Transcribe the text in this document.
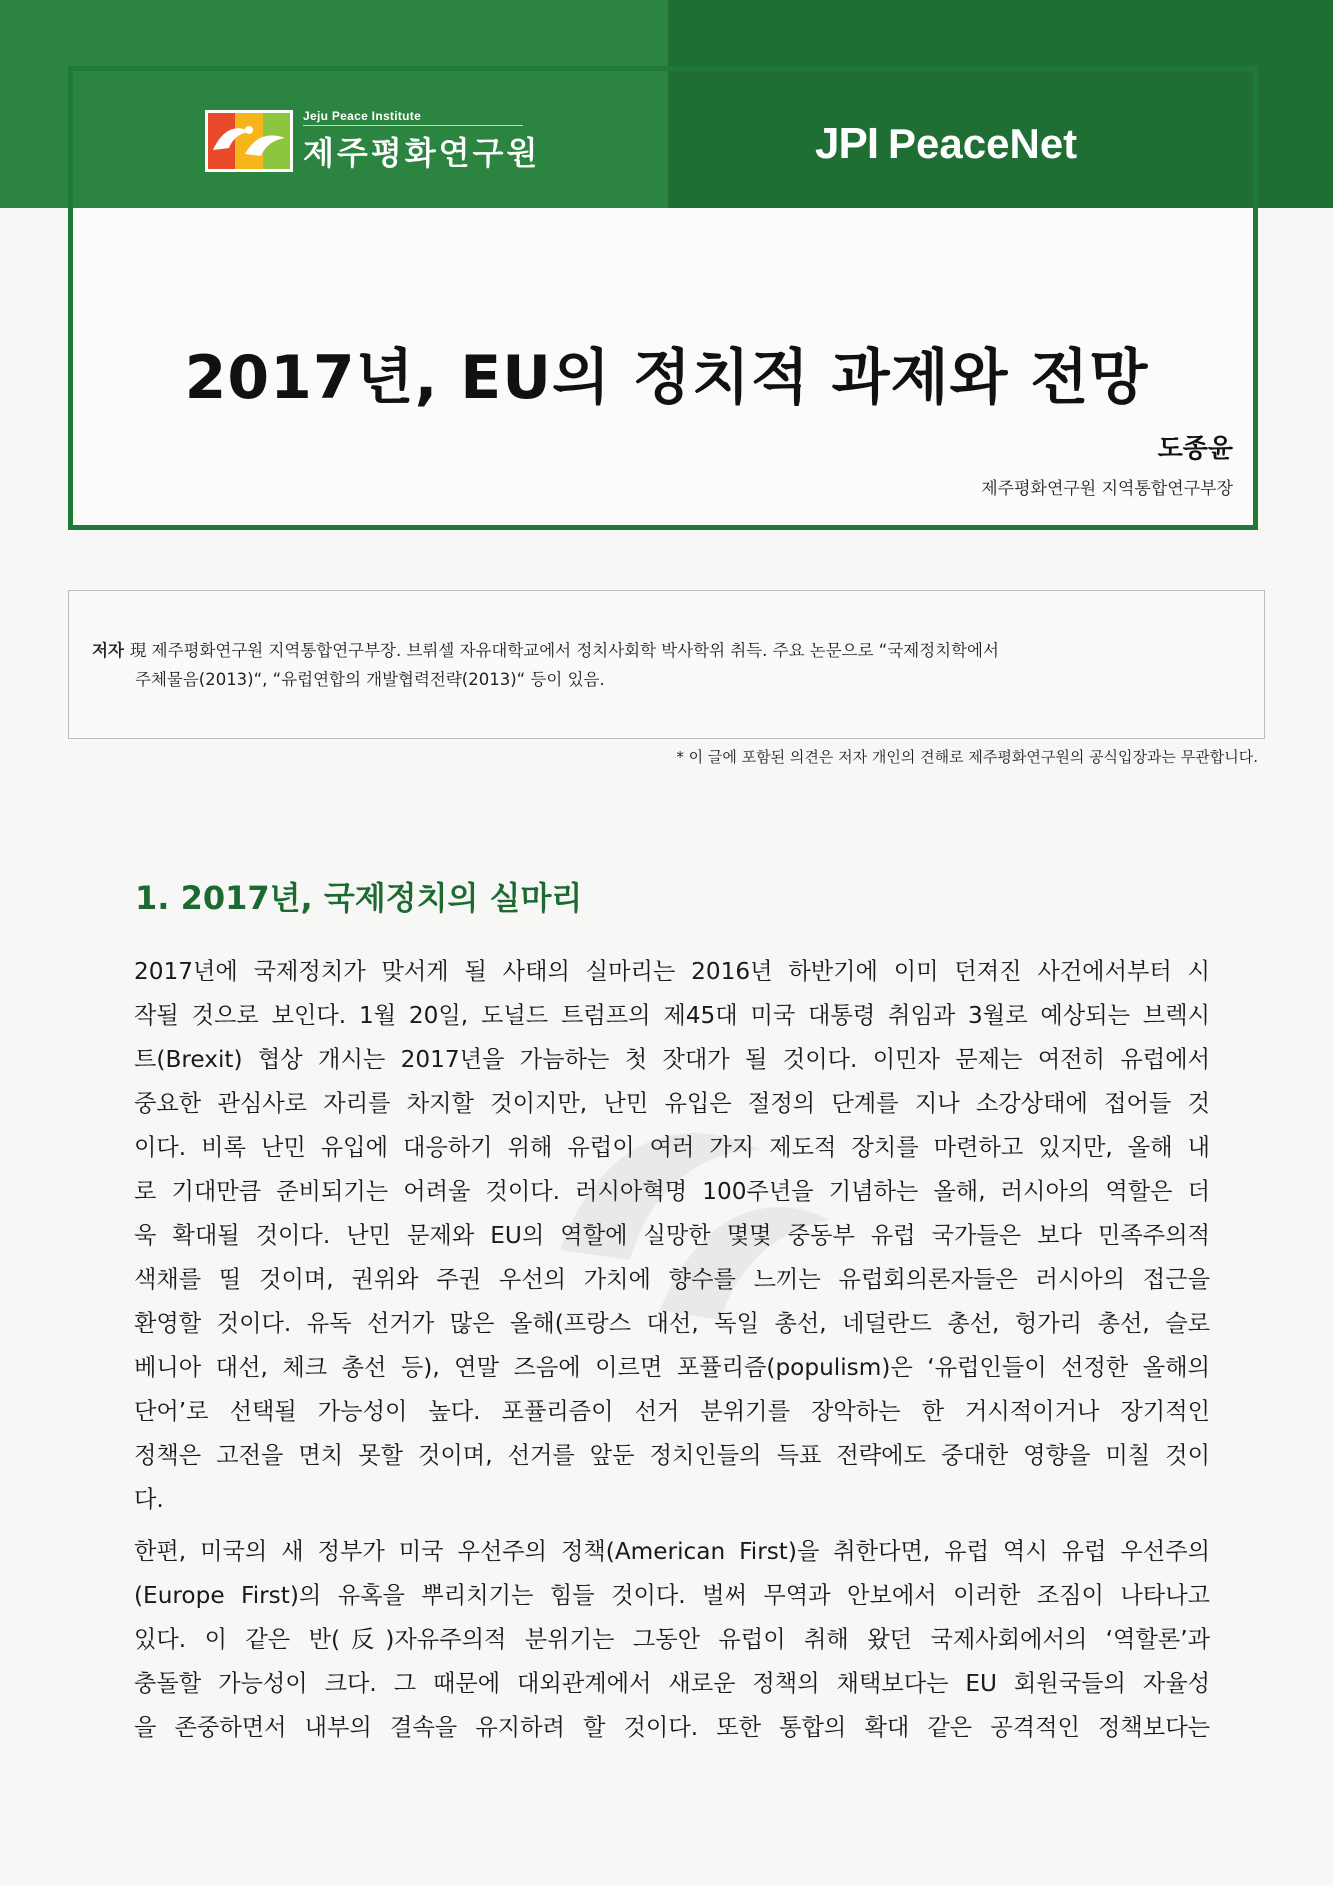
Jeju Peace Institute
제주평화연구원	JPI PeaceNet
2017년, EU의 정치적 과제와 전망
도종윤
제주평화연구원 지역통합연구부장
저자 現 제주평화연구원 지역통합연구부장. 브뤼셀 자유대학교에서 정치사회학 박사학위 취득. 주요 논문으로 “국제정치학에서
주체물음(2013)“, “유럽연합의 개발협력전략(2013)“ 등이 있음.
* 이 글에 포함된 의견은 저자 개인의 견해로 제주평화연구원의 공식입장과는 무관합니다.
1. 2017년, 국제정치의 실마리

2017년에 국제정치가 맞서게 될 사태의 실마리는 2016년 하반기에 이미 던져진 사건에서부터 시
작될 것으로 보인다. 1월 20일, 도널드 트럼프의 제45대 미국 대통령 취임과 3월로 예상되는 브렉시
트(Brexit) 협상 개시는 2017년을 가늠하는 첫 잣대가 될 것이다. 이민자 문제는 여전히 유럽에서
중요한 관심사로 자리를 차지할 것이지만, 난민 유입은 절정의 단계를 지나 소강상태에 접어들 것
이다. 비록 난민 유입에 대응하기 위해 유럽이 여러 가지 제도적 장치를 마련하고 있지만, 올해 내
로 기대만큼 준비되기는 어려울 것이다. 러시아혁명 100주년을 기념하는 올해, 러시아의 역할은 더
욱 확대될 것이다. 난민 문제와 EU의 역할에 실망한 몇몇 중동부 유럽 국가들은 보다 민족주의적
색채를 띨 것이며, 권위와 주권 우선의 가치에 향수를 느끼는 유럽회의론자들은 러시아의 접근을
환영할 것이다. 유독 선거가 많은 올해(프랑스 대선, 독일 총선, 네덜란드 총선, 헝가리 총선, 슬로
베니아 대선, 체크 총선 등), 연말 즈음에 이르면 포퓰리즘(populism)은 ‘유럽인들이 선정한 올해의
단어’로 선택될 가능성이 높다. 포퓰리즘이 선거 분위기를 장악하는 한 거시적이거나 장기적인
정책은 고전을 면치 못할 것이며, 선거를 앞둔 정치인들의 득표 전략에도 중대한 영향을 미칠 것이
다.

한편, 미국의 새 정부가 미국 우선주의 정책(American First)을 취한다면, 유럽 역시 유럽 우선주의
(Europe First)의 유혹을 뿌리치기는 힘들 것이다. 벌써 무역과 안보에서 이러한 조짐이 나타나고
있다. 이 같은 반(反)자유주의적 분위기는 그동안 유럽이 취해 왔던 국제사회에서의 ‘역할론’과
충돌할 가능성이 크다. 그 때문에 대외관계에서 새로운 정책의 채택보다는 EU 회원국들의 자율성
을 존중하면서 내부의 결속을 유지하려 할 것이다. 또한 통합의 확대 같은 공격적인 정책보다는
